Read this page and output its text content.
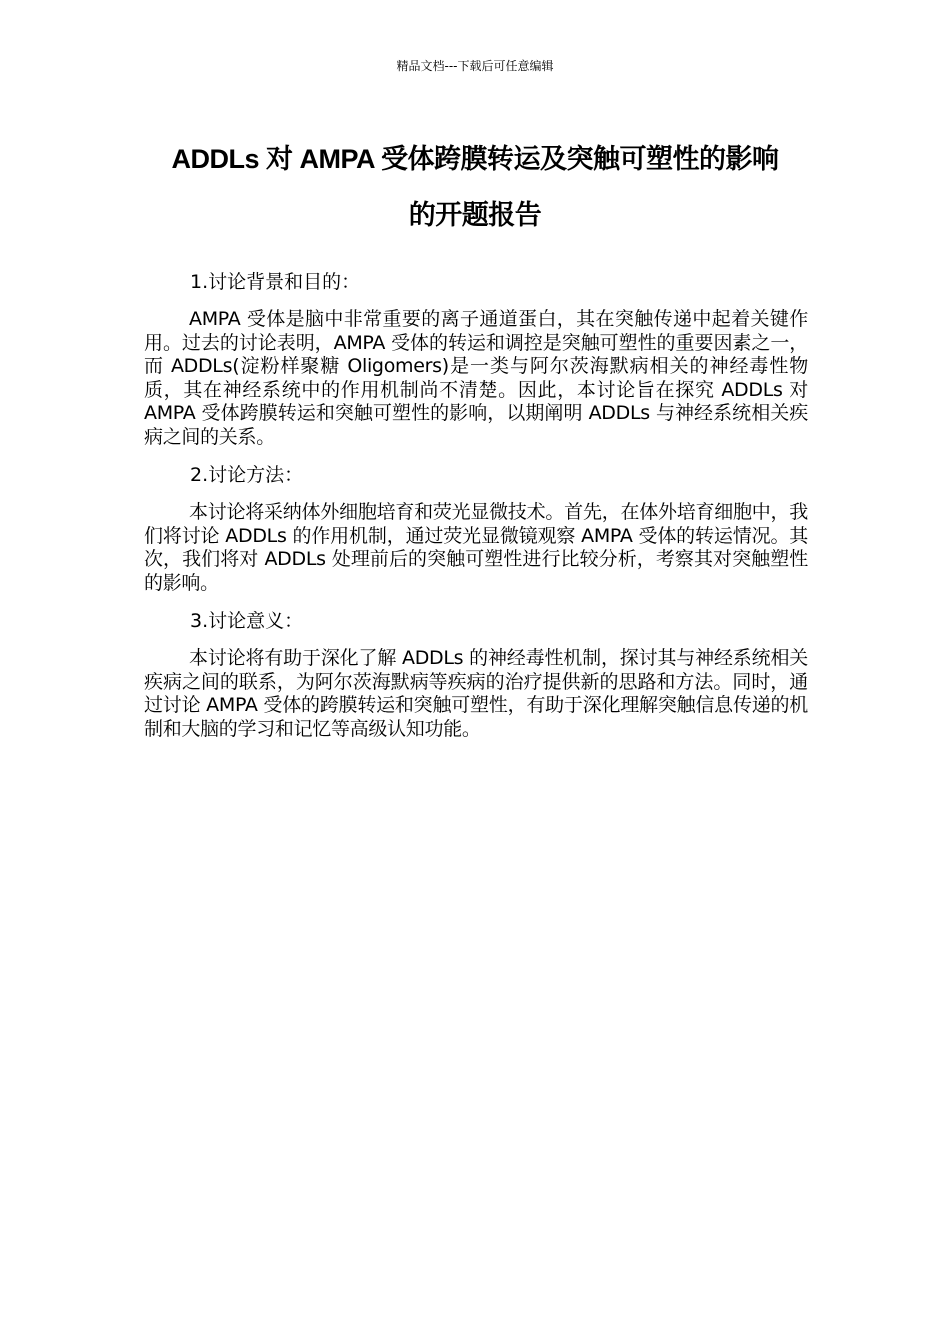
精品文档---下载后可任意编辑
ADDLs 对 AMPA 受体跨膜转运及突触可塑性的影响
的开题报告

1.讨论背景和目的：

AMPA 受体是脑中非常重要的离子通道蛋白，其在突触传递中起着关键作用。过去的讨论表明，AMPA 受体的转运和调控是突触可塑性的重要因素之一，而 ADDLs(淀粉样聚糖 Oligomers)是一类与阿尔茨海默病相关的神经毒性物质，其在神经系统中的作用机制尚不清楚。因此，本讨论旨在探究 ADDLs 对 AMPA 受体跨膜转运和突触可塑性的影响，以期阐明 ADDLs 与神经系统相关疾病之间的关系。

2.讨论方法：

本讨论将采纳体外细胞培育和荧光显微技术。首先，在体外培育细胞中，我们将讨论 ADDLs 的作用机制，通过荧光显微镜观察 AMPA 受体的转运情况。其次，我们将对 ADDLs 处理前后的突触可塑性进行比较分析，考察其对突触塑性的影响。

3.讨论意义：

本讨论将有助于深化了解 ADDLs 的神经毒性机制，探讨其与神经系统相关疾病之间的联系，为阿尔茨海默病等疾病的治疗提供新的思路和方法。同时，通过讨论 AMPA 受体的跨膜转运和突触可塑性，有助于深化理解突触信息传递的机制和大脑的学习和记忆等高级认知功能。
